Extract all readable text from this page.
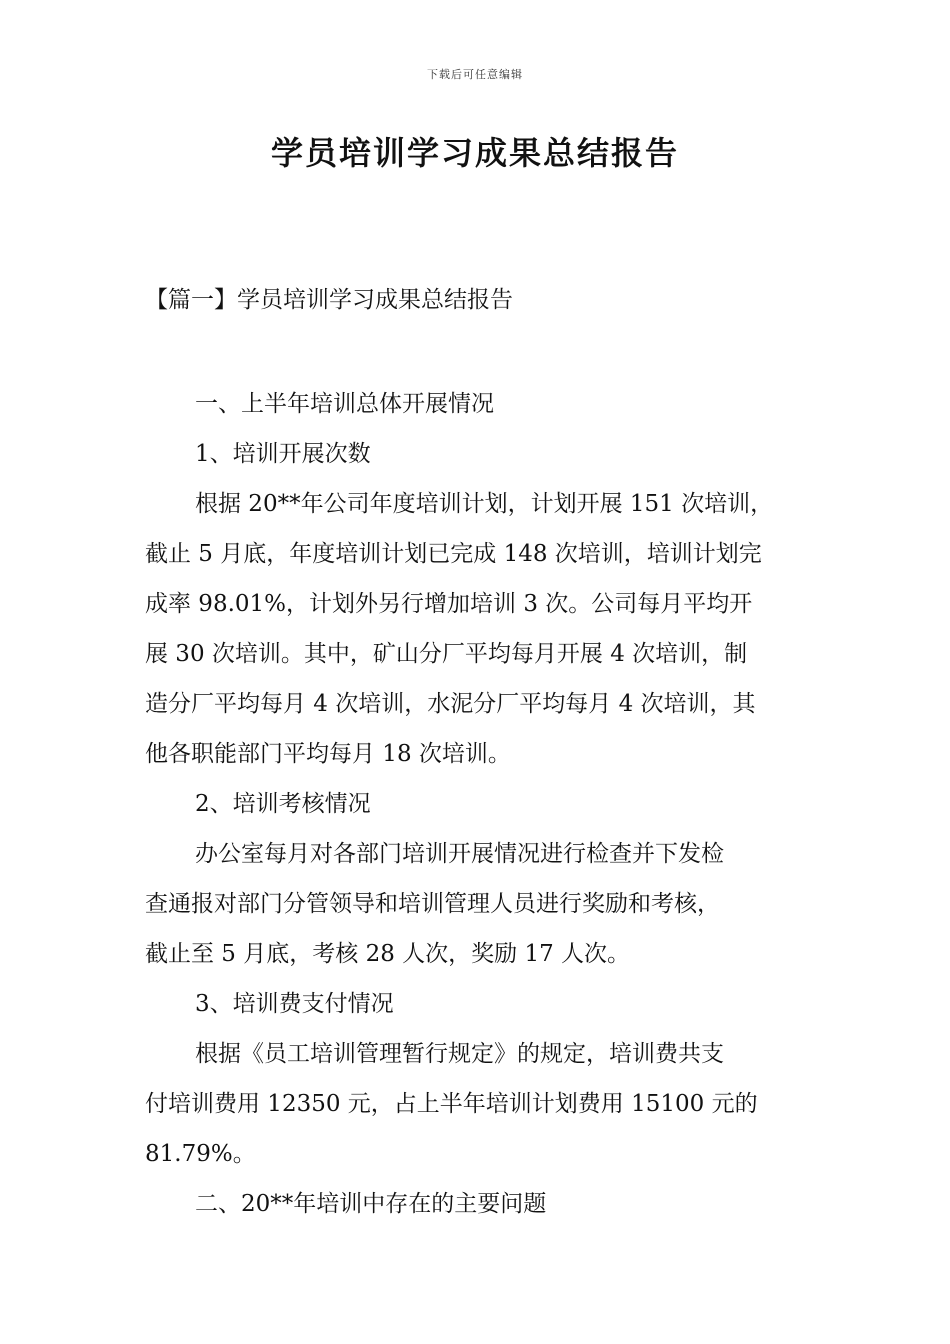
下载后可任意编辑
学员培训学习成果总结报告

【篇一】学员培训学习成果总结报告

一、上半年培训总体开展情况
1、培训开展次数
根据 20**年公司年度培训计划，计划开展 151 次培训，
截止 5 月底，年度培训计划已完成 148 次培训，培训计划完
成率 98.01%，计划外另行增加培训 3 次。公司每月平均开
展 30 次培训。其中，矿山分厂平均每月开展 4 次培训，制
造分厂平均每月 4 次培训，水泥分厂平均每月 4 次培训，其
他各职能部门平均每月 18 次培训。
2、培训考核情况
办公室每月对各部门培训开展情况进行检查并下发检
查通报对部门分管领导和培训管理人员进行奖励和考核，
截止至 5 月底，考核 28 人次，奖励 17 人次。
3、培训费支付情况
根据《员工培训管理暂行规定》的规定，培训费共支
付培训费用 12350 元，占上半年培训计划费用 15100 元的
81.79%。
二、20**年培训中存在的主要问题
